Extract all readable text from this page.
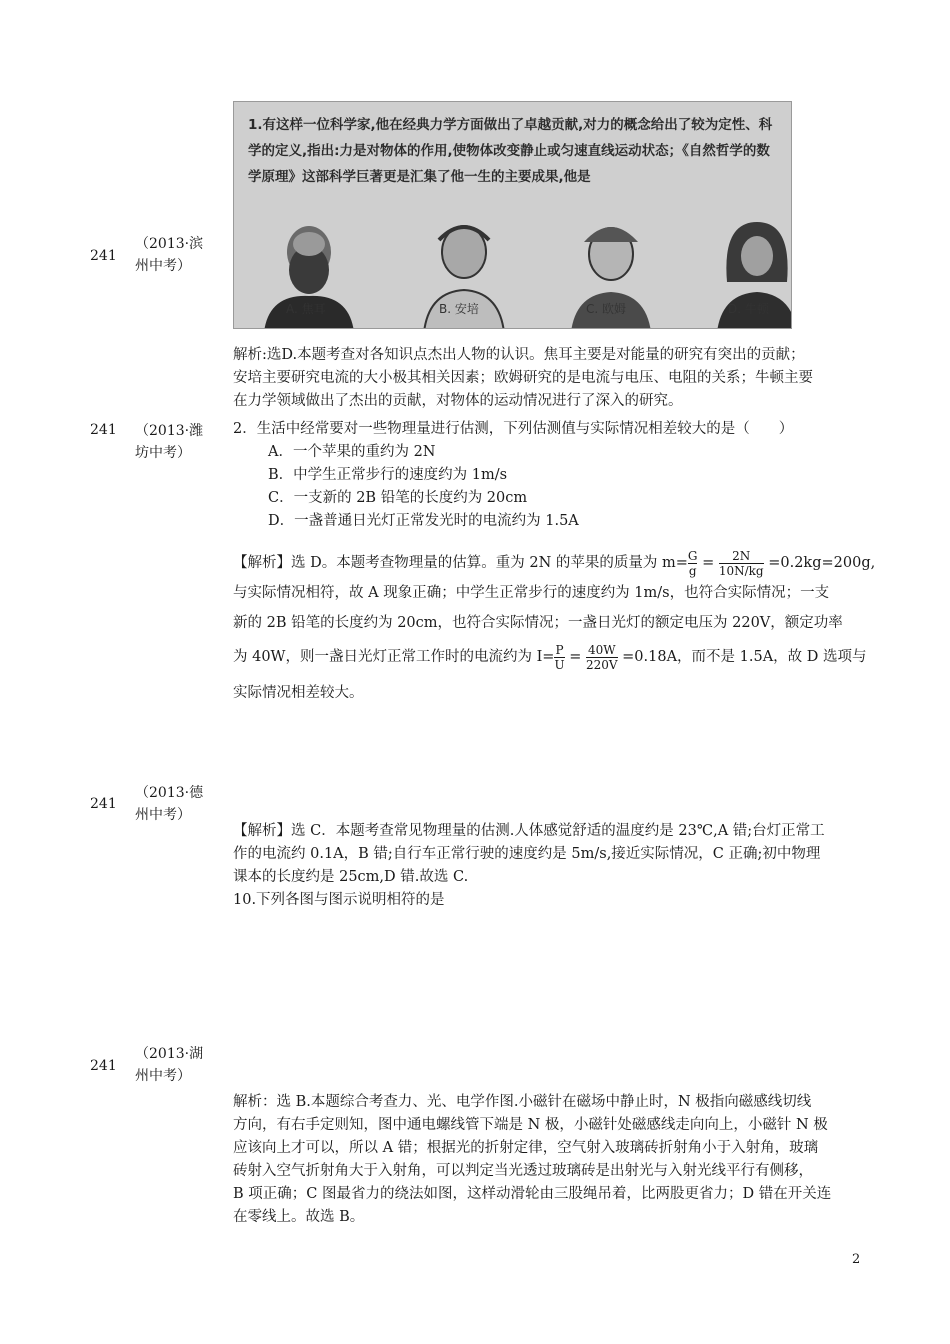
241
（2013·滨
州中考）
1.有这样一位科学家,他在经典力学方面做出了卓越贡献,对力的概念给出了较为定性、科学的定义,指出:力是对物体的作用,使物体改变静止或匀速直线运动状态；《自然哲学的数学原理》这部科学巨著更是汇集了他一生的主要成果,他是
A. 焦耳	B. 安培	C. 欧姆	D. 牛顿
解析:选D.本题考查对各知识点杰出人物的认识。焦耳主要是对能量的研究有突出的贡献；
安培主要研究电流的大小极其相关因素；欧姆研究的是电流与电压、电阻的关系；牛顿主要
在力学领域做出了杰出的贡献，对物体的运动情况进行了深入的研究。
241 （2013·潍
坊中考）
2．生活中经常要对一些物理量进行估测，下列估测值与实际情况相差较大的是（　　）
A．一个苹果的重约为 2N
B．中学生正常步行的速度约为 1m/s
C．一支新的 2B 铅笔的长度约为 20cm
D．一盏普通日光灯正常发光时的电流约为 1.5A
【解析】选 D。本题考查物理量的估算。重为 2N 的苹果的质量为 $m= \frac{G}{g} = \frac{2N}{10N/kg} =0.2kg=200g$,
与实际情况相符，故 A 现象正确；中学生正常步行的速度约为 1m/s，也符合实际情况；一支
新的 2B 铅笔的长度约为 20cm，也符合实际情况；一盏日光灯的额定电压为 220V，额定功率
为 40W，则一盏日光灯正常工作时的电流约为 $I= \frac{P}{U} = \frac{40W}{220V} =0.18A$，而不是 1.5A，故 D 选项与
实际情况相差较大。
241
（2013·德
州中考）
【解析】选 C．本题考查常见物理量的估测.人体感觉舒适的温度约是 23℃,A 错;台灯正常工
作的电流约 0.1A，B 错;自行车正常行驶的速度约是 5m/s,接近实际情况，C 正确;初中物理
课本的长度约是 25cm,D 错.故选 C.
10.下列各图与图示说明相符的是
241
（2013·湖
州中考）
解析：选 B.本题综合考查力、光、电学作图.小磁针在磁场中静止时，N 极指向磁感线切线
方向，有右手定则知，图中通电螺线管下端是 N 极，小磁针处磁感线走向向上，小磁针 N 极
应该向上才可以，所以 A 错；根据光的折射定律，空气射入玻璃砖折射角小于入射角，玻璃
砖射入空气折射角大于入射角，可以判定当光透过玻璃砖是出射光与入射光线平行有侧移，
B 项正确；C 图最省力的绕法如图，这样动滑轮由三股绳吊着，比两股更省力；D 错在开关连
在零线上。故选 B。
2
